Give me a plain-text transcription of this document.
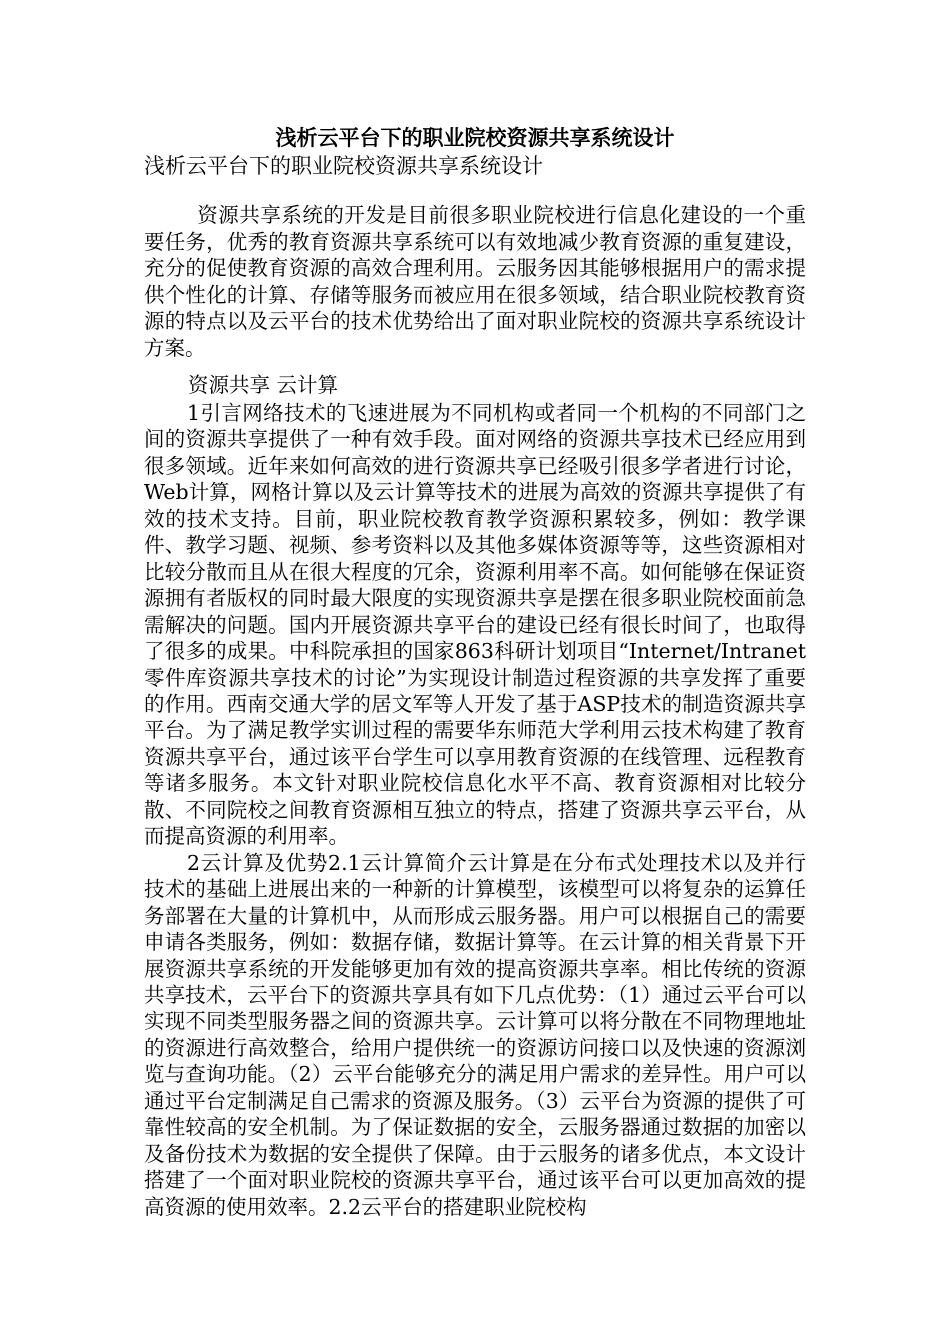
浅析云平台下的职业院校资源共享系统设计
浅析云平台下的职业院校资源共享系统设计

资源共享系统的开发是目前很多职业院校进行信息化建设的一个重要任务，优秀的教育资源共享系统可以有效地减少教育资源的重复建设，充分的促使教育资源的高效合理利用。云服务因其能够根据用户的需求提供个性化的计算、存储等服务而被应用在很多领域，结合职业院校教育资源的特点以及云平台的技术优势给出了面对职业院校的资源共享系统设计方案。

资源共享 云计算

1引言网络技术的飞速进展为不同机构或者同一个机构的不同部门之间的资源共享提供了一种有效手段。面对网络的资源共享技术已经应用到很多领域。近年来如何高效的进行资源共享已经吸引很多学者进行讨论，Web计算，网格计算以及云计算等技术的进展为高效的资源共享提供了有效的技术支持。目前，职业院校教育教学资源积累较多，例如：教学课件、教学习题、视频、参考资料以及其他多媒体资源等等，这些资源相对比较分散而且从在很大程度的冗余，资源利用率不高。如何能够在保证资源拥有者版权的同时最大限度的实现资源共享是摆在很多职业院校面前急需解决的问题。国内开展资源共享平台的建设已经有很长时间了，也取得了很多的成果。中科院承担的国家863科研计划项目“Internet/Intranet零件库资源共享技术的讨论”为实现设计制造过程资源的共享发挥了重要的作用。西南交通大学的居文军等人开发了基于ASP技术的制造资源共享平台。为了满足教学实训过程的需要华东师范大学利用云技术构建了教育资源共享平台，通过该平台学生可以享用教育资源的在线管理、远程教育等诸多服务。本文针对职业院校信息化水平不高、教育资源相对比较分散、不同院校之间教育资源相互独立的特点，搭建了资源共享云平台，从而提高资源的利用率。

2云计算及优势2.1云计算简介云计算是在分布式处理技术以及并行技术的基础上进展出来的一种新的计算模型，该模型可以将复杂的运算任务部署在大量的计算机中，从而形成云服务器。用户可以根据自己的需要申请各类服务，例如：数据存储，数据计算等。在云计算的相关背景下开展资源共享系统的开发能够更加有效的提高资源共享率。相比传统的资源共享技术，云平台下的资源共享具有如下几点优势：（1）通过云平台可以实现不同类型服务器之间的资源共享。云计算可以将分散在不同物理地址的资源进行高效整合，给用户提供统一的资源访问接口以及快速的资源浏览与查询功能。（2）云平台能够充分的满足用户需求的差异性。用户可以通过平台定制满足自己需求的资源及服务。（3）云平台为资源的提供了可靠性较高的安全机制。为了保证数据的安全，云服务器通过数据的加密以及备份技术为数据的安全提供了保障。由于云服务的诸多优点，本文设计搭建了一个面对职业院校的资源共享平台，通过该平台可以更加高效的提高资源的使用效率。2.2云平台的搭建职业院校构
